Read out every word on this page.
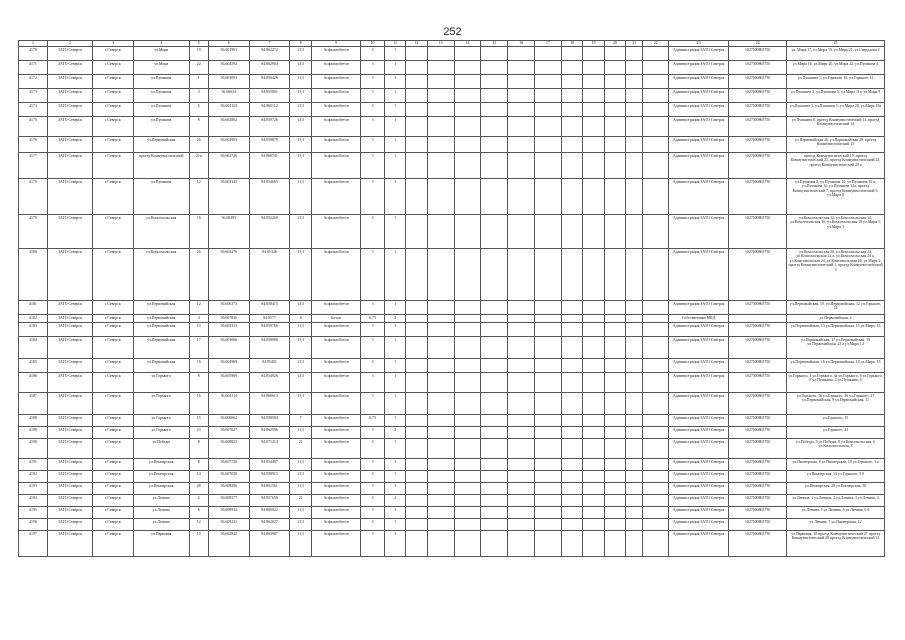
252
1	2	3	4	5	6	7	8	9	10	11	12	13	14	15	16	17	18	19	20	21	22	23	24	25
4170	ЗАТО Северск	г.Северск	ул.Мира	19	56.601981	84.862272	13,5	Асфальтобетон	3	1												Администрация ЗАТО Северск	1027000865750	ул. Мира 17, ул.Мира 19, ул.Мира 21, ул.Свердлова 2
4171	ЗАТО Северск	г.Северск	ул.Мира	22	56.604592	84.862904	13,5	Асфальтобетон	3	1												Администрация ЗАТО Северск	1027000865750	ул.Мира 18, ул.Мира 20, ул.Мира 22, ул.Пушкина 4
4172	ЗАТО Северск	г.Северск	ул.Пушкина	1	56.603093	84.856426	13,5	Асфальтобетон	3	1												Администрация ЗАТО Северск	1027000865750	ул.Пушкина 1, ул.Горького 10, ул.Горького 12
4173	ЗАТО Северск	г.Северск	ул.Пушкина	3	56.60034	84.855801	13,5	Асфальтобетон	3	1												Администрация ЗАТО Северск	1027000865750	ул.Пушкина 3, ул.Пушкина 5, ул.Мира 11а, ул.Мира 9
4174	ЗАТО Северск	г.Северск	ул.Пушкина	5	56.604124	84.860112	13,5	Асфальтобетон	3	1												Администрация ЗАТО Северск	1027000865750	ул.Пушкина 3, ул.Пушкина 5, ул.Мира 20, ул.Мира 18а
4175	ЗАТО Северск	г.Северск	ул.Пушкина	8	56.602802	84.859726	13,5	Асфальтобетон	3	1												Администрация ЗАТО Северск	1027000865750	ул.Пушкина 8, проезд Коммунистический 11, проезд Коммунистический 13
4176	ЗАТО Северск	г.Северск	ул.Первомайская	26	56.602903	84.858879	13,5	Асфальтобетон	3	1												Администрация ЗАТО Северск	1027000865750	ул.Первомайская 26, ул.Первомайская 28, проезд Коммунистический 15
4177	ЗАТО Северск	г.Северск	проезд Коммунистический	21а	56.602726	84.860741	13,5	Асфальтобетон	3	1												Администрация ЗАТО Северск	1027000865750	проезд Коммунистический 19, проезд Коммунистический 21, проезд Коммунистический 23, проезд Коммунистический 23 а
4178	ЗАТО Северск	г.Северск	ул.Пушкина	12	56.603343	84.854065	13,5	Асфальтобетон	3	1												Администрация ЗАТО Северск	1027000865750	ул.Пушкина 8, ул.Пушкина 10, ул.Пушкина 10 а, ул.Пушкина 12, ул.Пушкина 12а, проезд Коммунистический 7, проезд Коммунистический 9, ул.Мира 8
4179	ЗАТО Северск	г.Северск	ул.Комсомольская	16	56.60495	84.852269	13,5	Асфальтобетон	3	1												Администрация ЗАТО Северск	1027000865750	ул.Комсомольская 12, ул.Комсомольская 14, ул.Комсомольская 16, ул.Комсомольская 18 ул.Мира 1, ул.Мира 3
4180	ЗАТО Северск	г.Северск	ул.Комсомольская	26	56.603276	84.85326	13,5	Асфальтобетон	3	1												Администрация ЗАТО Северск	1027000865750	ул.Комсомольская 20, ул.Комсомольская 22, ул.Комсомольская 22 а, ул.Комсомольская 24 а, ул.Комсомольская 24, ул.Комсомольская 26, ул.Мира 2, проезд Коммунистический 1, проезд Коммунистический 3
4181	ЗАТО Северск	г.Северск	ул.Первомайская	12	56.606373	84.858415	13,5	Асфальтобетон	3	1												Администрация ЗАТО Северск	1027000865750	ул.Первомайская, 10, ул.Первомайская, 12 ул.Горького, 14
4182	ЗАТО Северск	г.Северск	ул.Первомайская	4	56.607836	84.8577	8	Бетон	0,75	2												Собственники МКД		ул.Первомайская, 4
4183	ЗАТО Северск	г.Северск	ул.Первомайская	13	56.605313	84.859766	13,5	Асфальтобетон	3	1												Администрация ЗАТО Северск	1027000865750	ул.Первомайская, 13 ул.Первомайская, 15 ул.Мира, 15
4184	ЗАТО Северск	г.Северск	ул.Первомайская	17	56.603666	84.859088	13,5	Асфальтобетон	3	1												Администрация ЗАТО Северск	1027000865750	ул.Первомайская, 17 ул.Первомайская, 19 ул.Первомайская, 23 а ул.Мира 14
4185	ЗАТО Северск	г.Северск	ул.Первомайская	16	56.604969	84.85451	13,5	Асфальтобетон	3	1												Администрация ЗАТО Северск	1027000865750	ул.Первомайская, 16 ул.Первомайская, 18 ул.Мира, 13
4186	ЗАТО Северск	г.Северск	ул.Горького	8	56.605969	84.854926	13,5	Асфальтобетон	3	1												Администрация ЗАТО Северск	1027000865750	ул.Горького, 4 ул.Горького, 4а ул.Горького, 6 ул.Горького, 8 ул.Пушкина, 2 ул.Пушкина, 4
4187	ЗАТО Северск	г.Северск	ул.Горького	16	56.604114	84.860613	13,5	Асфальтобетон	3	1												Администрация ЗАТО Северск	1027000865750	ул.Горького, 16 ул.Горького, 26 ул.Горького, 27 ул.Первомайская, 9 ул.Первомайская, 11
4188	ЗАТО Северск	г.Северск	ул.Горького	15	56.606662	84.858584	7	Асфальтобетон	0,75	1												Администрация ЗАТО Северск	1027000865750	ул.Горького, 15
4189	ЗАТО Северск	г.Северск	ул.Горького	23	56.607027	84.862596	13,5	Асфальтобетон	3	2												Администрация ЗАТО Северск	1027000865750	ул.Горького, 23
4190	ЗАТО Северск	г.Северск	ул.Победы	8	56.608823	84.871414	21	Асфальтобетон	3	1												Администрация ЗАТО Северск	1027000865750	ул.Победы, 5 ул.Победы, 8 ул.Комсомольская, 6 ул.Комсомольская, 8
4191	ЗАТО Северск	г.Северск	ул.Пионерская	8	56.607726	84.854497	13,5	Асфальтобетон	3	1												Администрация ЗАТО Северск	1027000865750	ул.Пионерская, 8 ул.Пионерская, 10 ул.Горького, 3 а
4192	ЗАТО Северск	г.Северск	ул.Пионерская	14	56.607058	84.858913	13,5	Асфальтобетон	3	1												Администрация ЗАТО Северск	1027000865750	ул.Пионерская, 14 ул.Горького, 9 б
4193	ЗАТО Северск	г.Северск	ул.Пионерская	28	56.608206	84.861561	13,5	Асфальтобетон	3	1												Администрация ЗАТО Северск	1027000865750	ул.Пионерская, 28 ул.Пионерская, 30
4194	ЗАТО Северск	г.Северск	ул.Ленина	2	56.608577	84.857658	21	Асфальтобетон	3	2												Администрация ЗАТО Северск	1027000865750	ул.Ленина, 1 ул.Ленина, 2 ул.Ленина, 3 ул.Ленина, 4
4195	ЗАТО Северск	г.Северск	ул.Ленина	6	56.608932	84.860022	13,5	Асфальтобетон	3	1												Администрация ЗАТО Северск	1027000865750	ул.Ленина, 5 ул.Ленина, 6 ул.Ленина, 6 б
4196	ЗАТО Северск	г.Северск	ул.Ленина	12	56.609232	84.862027	13,5	Асфальтобетон	3	1												Администрация ЗАТО Северск	1027000865750	ул.Ленина, 7 ул.Пионерская, 12
4197	ЗАТО Северск	г.Северск	ул.Парковая	10	56.602842	84.863987	13,5	Асфальтобетон	3	1												Администрация ЗАТО Северск	1027000865750	ул.Парковая, 10 проезд Коммунистический 27 проезд Коммунистический 29 проезд Коммунистический 31
